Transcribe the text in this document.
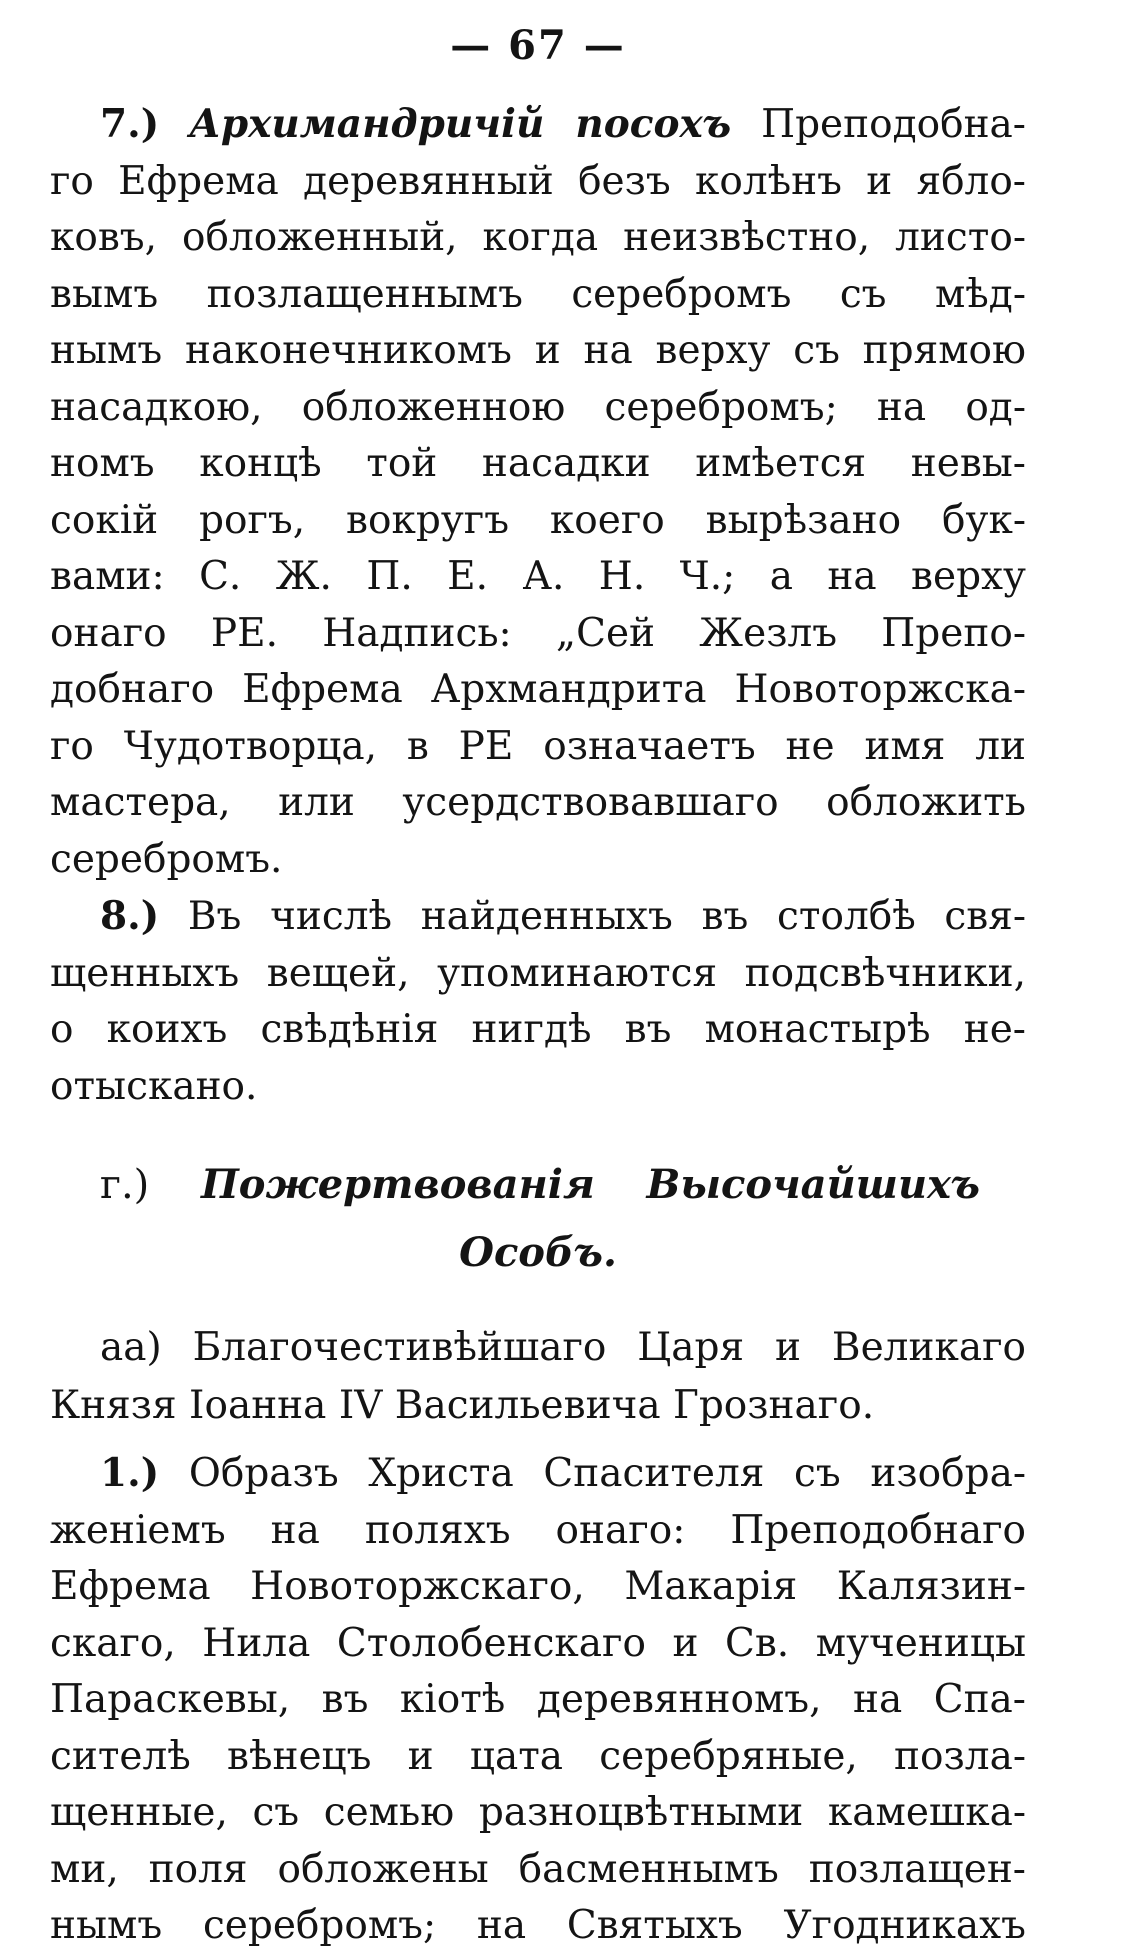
— 67 —
7.) Архимандричій посохъ Преподобна-
го Ефрема деревянный безъ колѣнъ и ябло-
ковъ, обложенный, когда неизвѣстно, листо-
вымъ позлащеннымъ серебромъ съ мѣд-
нымъ наконечникомъ и на верху съ прямою
насадкою, обложенною серебромъ; на од-
номъ концѣ той насадки имѣется невы-
сокій рогъ, вокругъ коего вырѣзано бук-
вами: С. Ж. П. Е. А. Н. Ч.; а на верху
онаго РЕ. Надпись: „Сей Жезлъ Препо-
добнаго Ефрема Архмандрита Новоторжска-
го Чудотворца, в РЕ означаетъ не имя ли
мастера, или усердствовавшаго обложить
серебромъ.
8.) Въ числѣ найденныхъ въ столбѣ свя-
щенныхъ вещей, упоминаются подсвѣчники,
о коихъ свѣдѣнія нигдѣ въ монастырѣ не-
отыскано.
г.) Пожертвованія Высочайшихъ
Особъ.
аа) Благочестивѣйшаго Царя и Великаго
Князя Іоанна IV Васильевича Грознаго.
1.) Образъ Христа Спасителя съ изобра-
женіемъ на поляхъ онаго: Преподобнаго
Ефрема Новоторжскаго, Макарія Калязин-
скаго, Нила Столобенскаго и Св. мученицы
Параскевы, въ кіотѣ деревянномъ, на Спа-
сителѣ вѣнецъ и цата серебряные, позла-
щенные, съ семью разноцвѣтными камешка-
ми, поля обложены басменнымъ позлащен-
нымъ серебромъ; на Святыхъ Угодникахъ
